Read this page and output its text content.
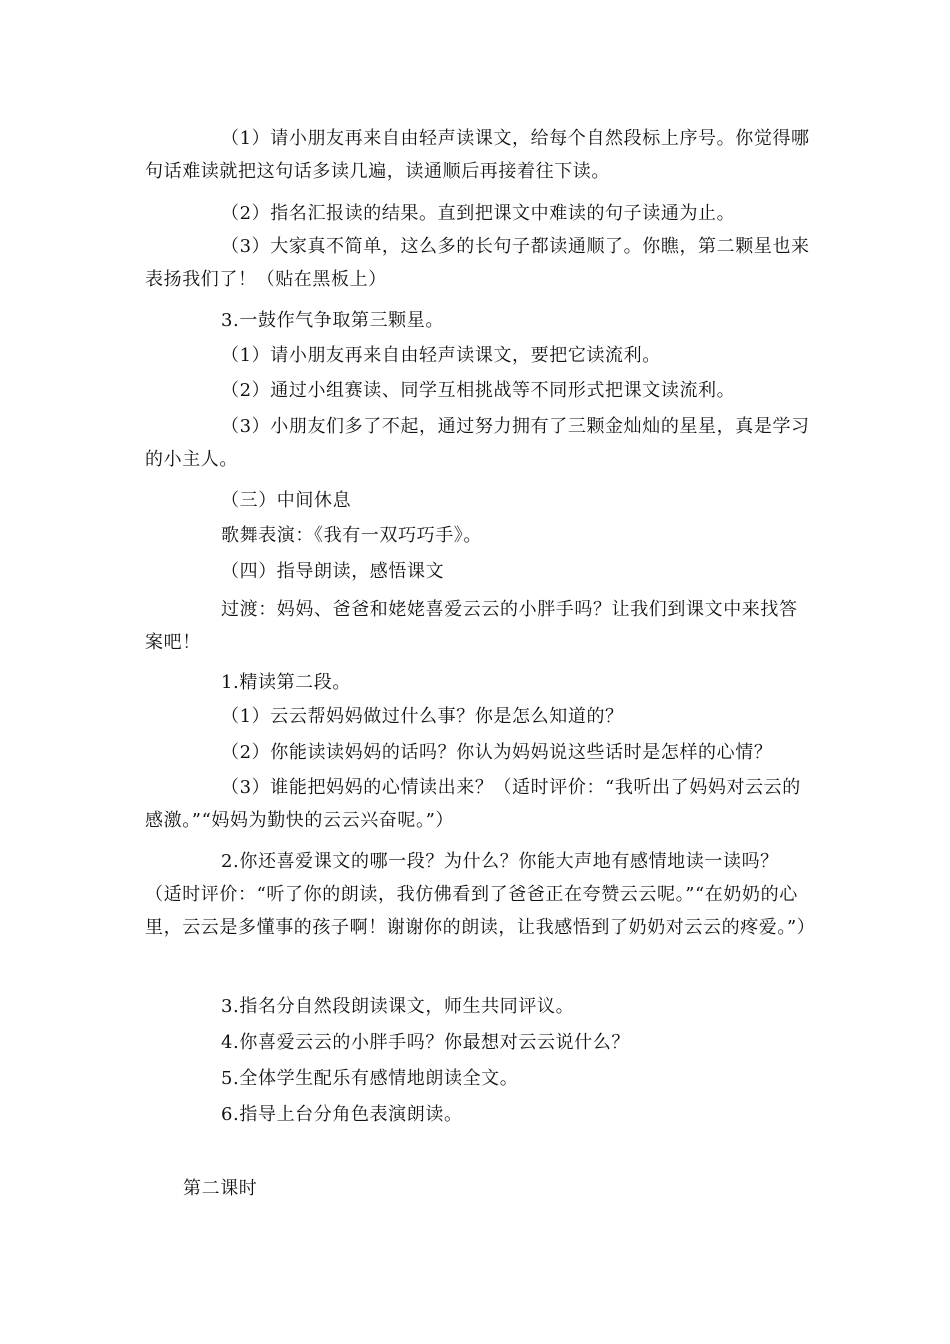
（1）请小朋友再来自由轻声读课文，给每个自然段标上序号。你觉得哪句话难读就把这句话多读几遍，读通顺后再接着往下读。

（2）指名汇报读的结果。直到把课文中难读的句子读通为止。

（3）大家真不简单，这么多的长句子都读通顺了。你瞧，第二颗星也来表扬我们了！（贴在黑板上）

3.一鼓作气争取第三颗星。

（1）请小朋友再来自由轻声读课文，要把它读流利。

（2）通过小组赛读、同学互相挑战等不同形式把课文读流利。

（3）小朋友们多了不起，通过努力拥有了三颗金灿灿的星星，真是学习的小主人。

（三）中间休息

歌舞表演：《我有一双巧巧手》。

（四）指导朗读，感悟课文

过渡：妈妈、爸爸和姥姥喜爱云云的小胖手吗？让我们到课文中来找答案吧！

1.精读第二段。

（1）云云帮妈妈做过什么事？你是怎么知道的？

（2）你能读读妈妈的话吗？你认为妈妈说这些话时是怎样的心情？

（3）谁能把妈妈的心情读出来？（适时评价：“我听出了妈妈对云云的感激。”“妈妈为勤快的云云兴奋呢。”）

2.你还喜爱课文的哪一段？为什么？你能大声地有感情地读一读吗？（适时评价：“听了你的朗读，我仿佛看到了爸爸正在夸赞云云呢。”“在奶奶的心里，云云是多懂事的孩子啊！谢谢你的朗读，让我感悟到了奶奶对云云的疼爱。”）

3.指名分自然段朗读课文，师生共同评议。

4.你喜爱云云的小胖手吗？你最想对云云说什么？

5.全体学生配乐有感情地朗读全文。

6.指导上台分角色表演朗读。

第二课时
